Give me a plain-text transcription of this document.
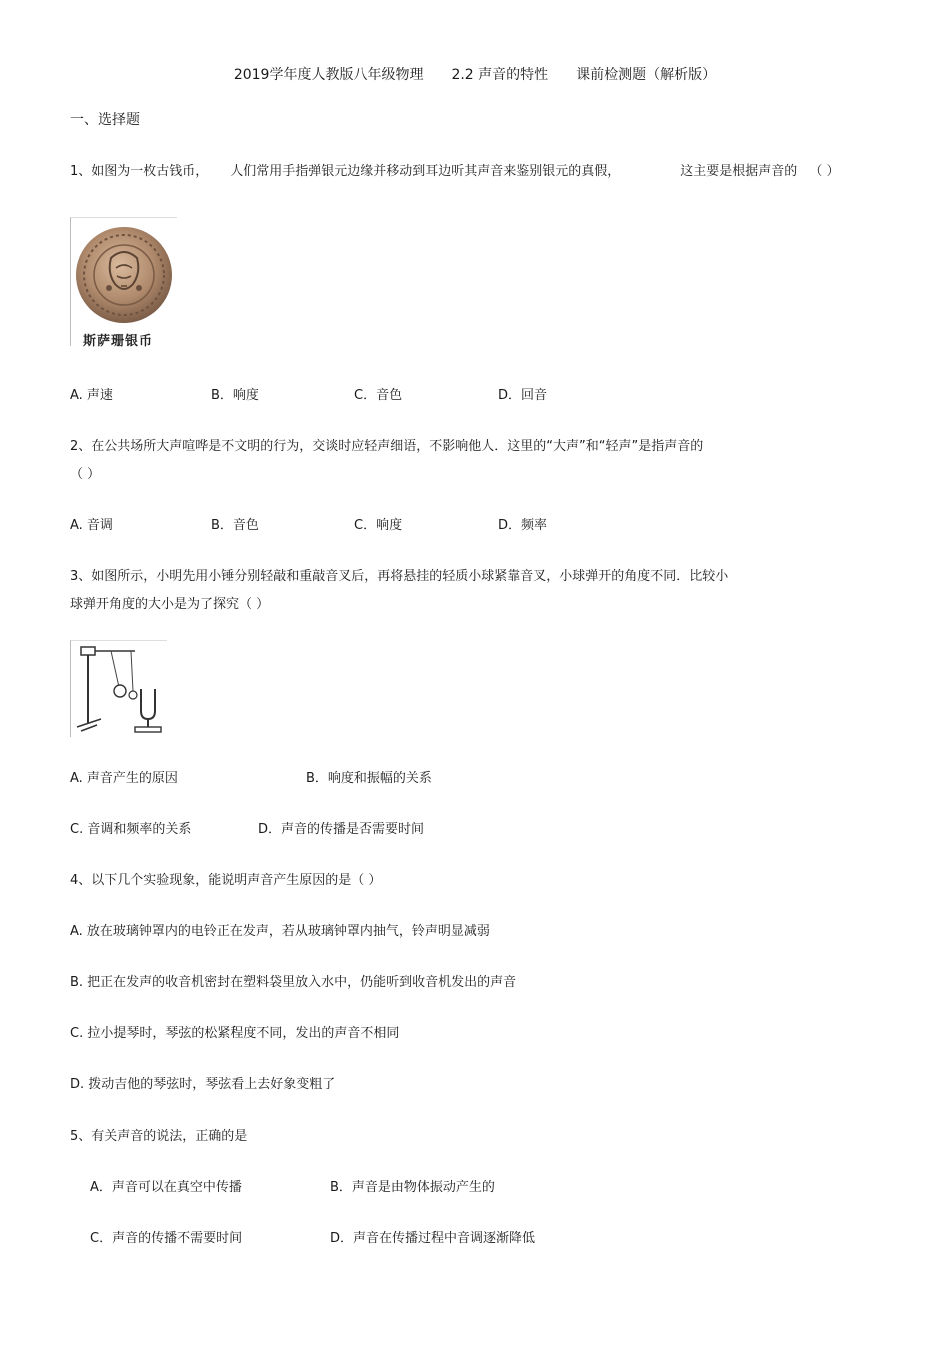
2019学年度人教版八年级物理 2.2 声音的特性 课前检测题（解析版）
一、选择题
1、如图为一枚古钱币， 人们常用手指弹银元边缘并移动到耳边听其声音来鉴别银元的真假，	这主要是根据声音的 （ ）
斯萨珊银币
A. 声速	B．响度	C．音色	D．回音
2、在公共场所大声喧哗是不文明的行为，交谈时应轻声细语，不影响他人．这里的“大声”和“轻声”是指声音的
（ ）
A. 音调	B．音色	C．响度	D．频率
3、如图所示，小明先用小锤分别轻敲和重敲音叉后，再将悬挂的轻质小球紧靠音叉，小球弹开的角度不同．比较小
球弹开角度的大小是为了探究（ ）
A. 声音产生的原因	B．响度和振幅的关系
C. 音调和频率的关系	D．声音的传播是否需要时间
4、以下几个实验现象，能说明声音产生原因的是（ ）
A. 放在玻璃钟罩内的电铃正在发声，若从玻璃钟罩内抽气，铃声明显减弱
B. 把正在发声的收音机密封在塑料袋里放入水中，仍能听到收音机发出的声音
C. 拉小提琴时，琴弦的松紧程度不同，发出的声音不相同
D. 拨动吉他的琴弦时，琴弦看上去好象变粗了
5、有关声音的说法，正确的是
A．声音可以在真空中传播	B．声音是由物体振动产生的
C．声音的传播不需要时间	D．声音在传播过程中音调逐渐降低
